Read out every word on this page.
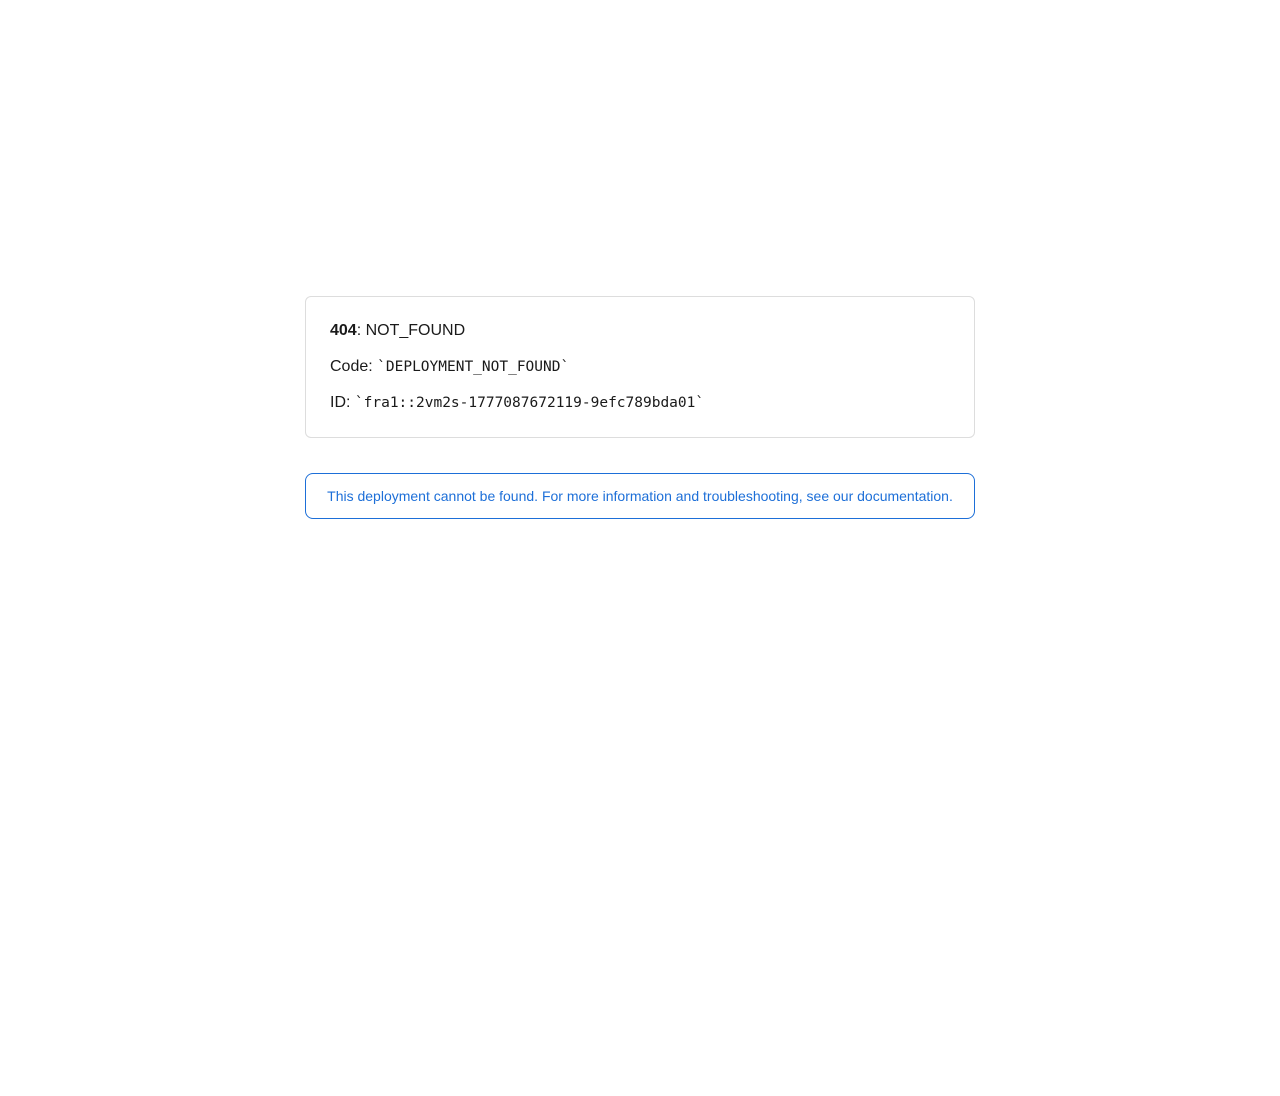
404: NOT_FOUND

Code: `DEPLOYMENT_NOT_FOUND`

ID: `fra1::2vm2s-1777087672119-9efc789bda01`

This deployment cannot be found. For more information and troubleshooting, see our documentation.
